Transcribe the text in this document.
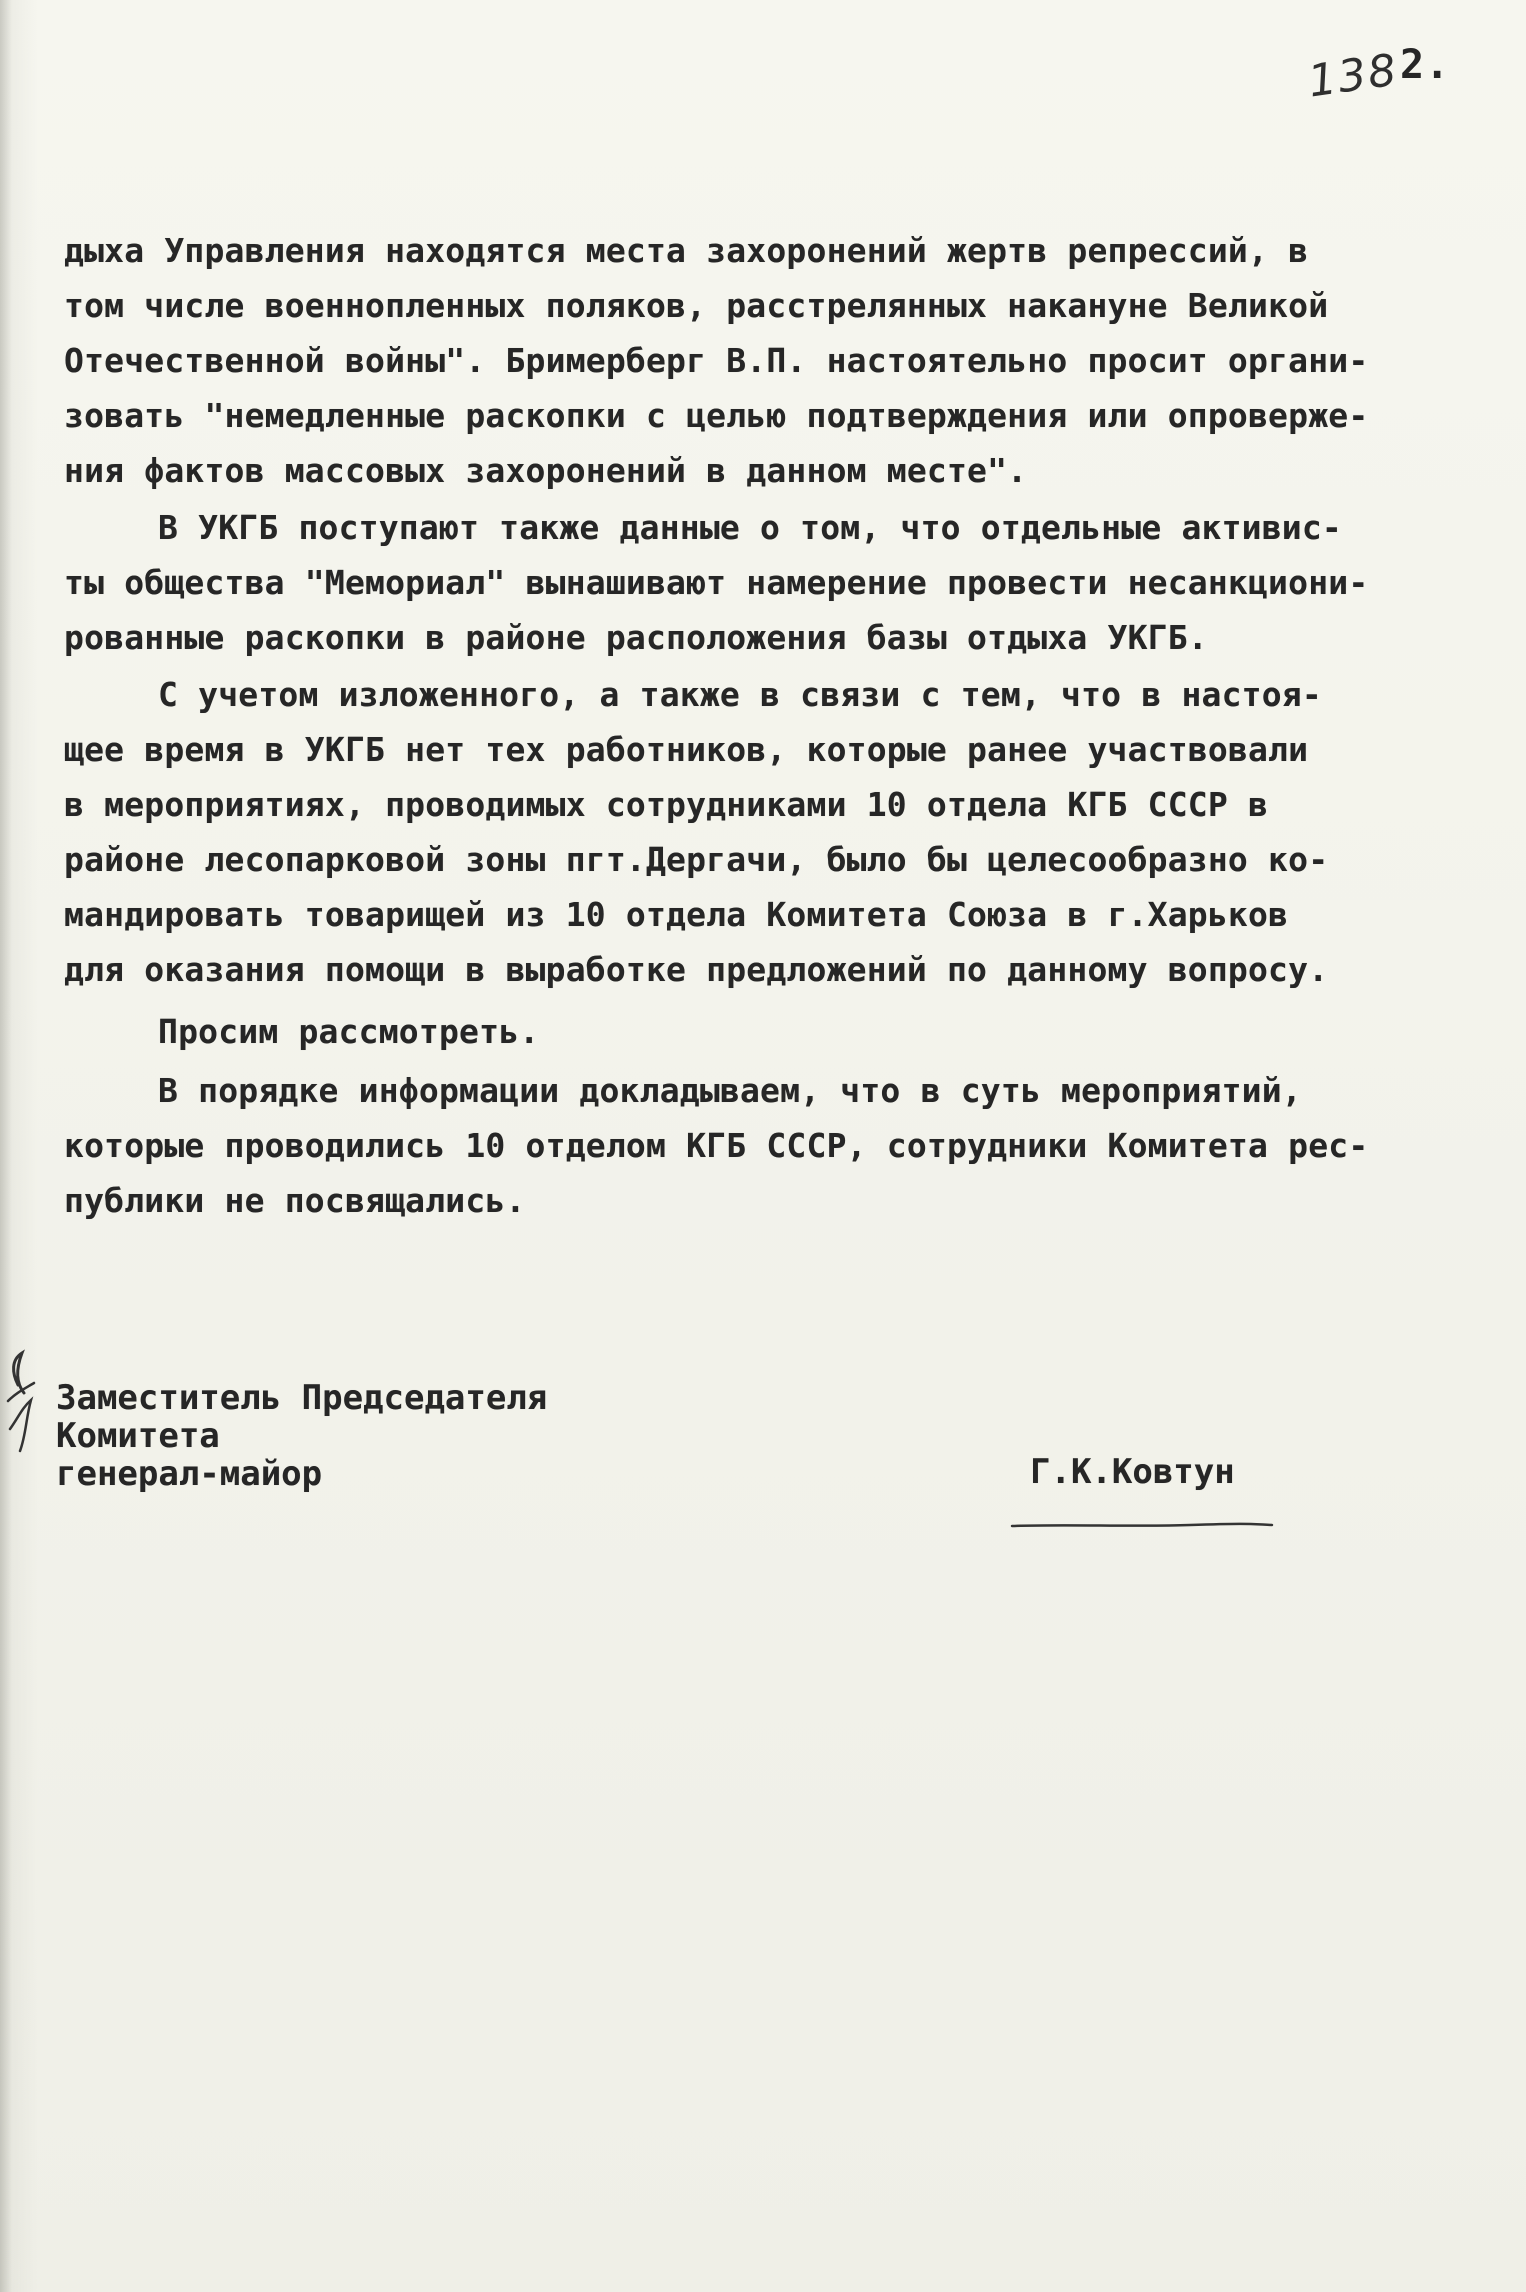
138
2.
дыха Управления находятся места захоронений жертв репрессий, в
том числе военнопленных поляков, расстрелянных накануне Великой
Отечественной войны". Бримерберг В.П. настоятельно просит органи-
зовать "немедленные раскопки с целью подтверждения или опроверже-
ния фактов массовых захоронений в данном месте".
В УКГБ поступают также данные о том, что отдельные активис-
ты общества "Мемориал" вынашивают намерение провести несанкциони-
рованные раскопки в районе расположения базы отдыха УКГБ.
С учетом изложенного, а также в связи с тем, что в настоя-
щее время в УКГБ нет тех работников, которые ранее участвовали
в мероприятиях, проводимых сотрудниками 10 отдела КГБ СССР в
районе лесопарковой зоны пгт.Дергачи, было бы целесообразно ко-
мандировать товарищей из 10 отдела Комитета Союза в г.Харьков
для оказания помощи в выработке предложений по данному вопросу.
Просим рассмотреть.
В порядке информации докладываем, что в суть мероприятий,
которые проводились 10 отделом КГБ СССР, сотрудники Комитета рес-
публики не посвящались.
Заместитель Председателя
Комитета
генерал-майор	Г.К.Ковтун
